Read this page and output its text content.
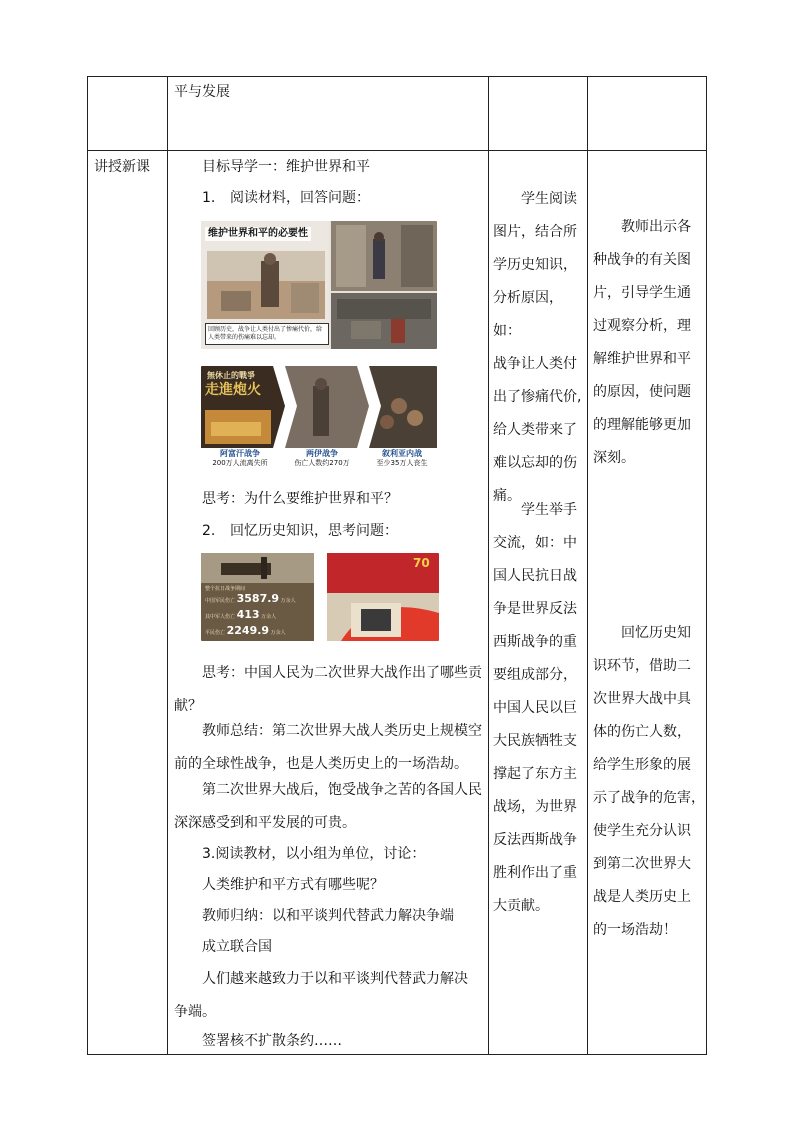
平与发展
讲授新课	目标导学一：维护世界和平
1. 阅读材料，回答问题：
维护世界和平的必要性
回顾历史，战争让人类付出了惨痛代价，给人类带来的伤痛难以忘却。
無休止的戰爭
走進炮火
阿富汗战争
200万人流离失所
两伊战争
伤亡人数约270万
叙利亚内战
至少35万人丧生
思考：为什么要维护世界和平？
2. 回忆历史知识，思考问题：
整个抗日战争期间
中国军民伤亡 3587.9 万余人
其中军人伤亡 413 万余人
平民伤亡 2249.9 万余人
70
思考：中国人民为二次世界大战作出了哪些贡
献？
教师总结：第二次世界大战人类历史上规模空
前的全球性战争，也是人类历史上的一场浩劫。
第二次世界大战后，饱受战争之苦的各国人民
深深感受到和平发展的可贵。
3.阅读教材，以小组为单位，讨论：
人类维护和平方式有哪些呢？
教师归纳：以和平谈判代替武力解决争端
成立联合国
人们越来越致力于以和平谈判代替武力解决
争端。
签署核不扩散条约……
学生阅读
图片，结合所
学历史知识，
分析原因，如：
战争让人类付
出了惨痛代价,
给人类带来了
难以忘却的伤
痛。
学生举手
交流，如：中
国人民抗日战
争是世界反法
西斯战争的重
要组成部分，
中国人民以巨
大民族牺牲支
撑起了东方主
战场，为世界
反法西斯战争
胜利作出了重
大贡献。
教师出示各
种战争的有关图
片，引导学生通
过观察分析，理
解维护世界和平
的原因，使问题
的理解能够更加
深刻。
回忆历史知
识环节，借助二
次世界大战中具
体的伤亡人数，
给学生形象的展
示了战争的危害，
使学生充分认识
到第二次世界大
战是人类历史上
的一场浩劫！
